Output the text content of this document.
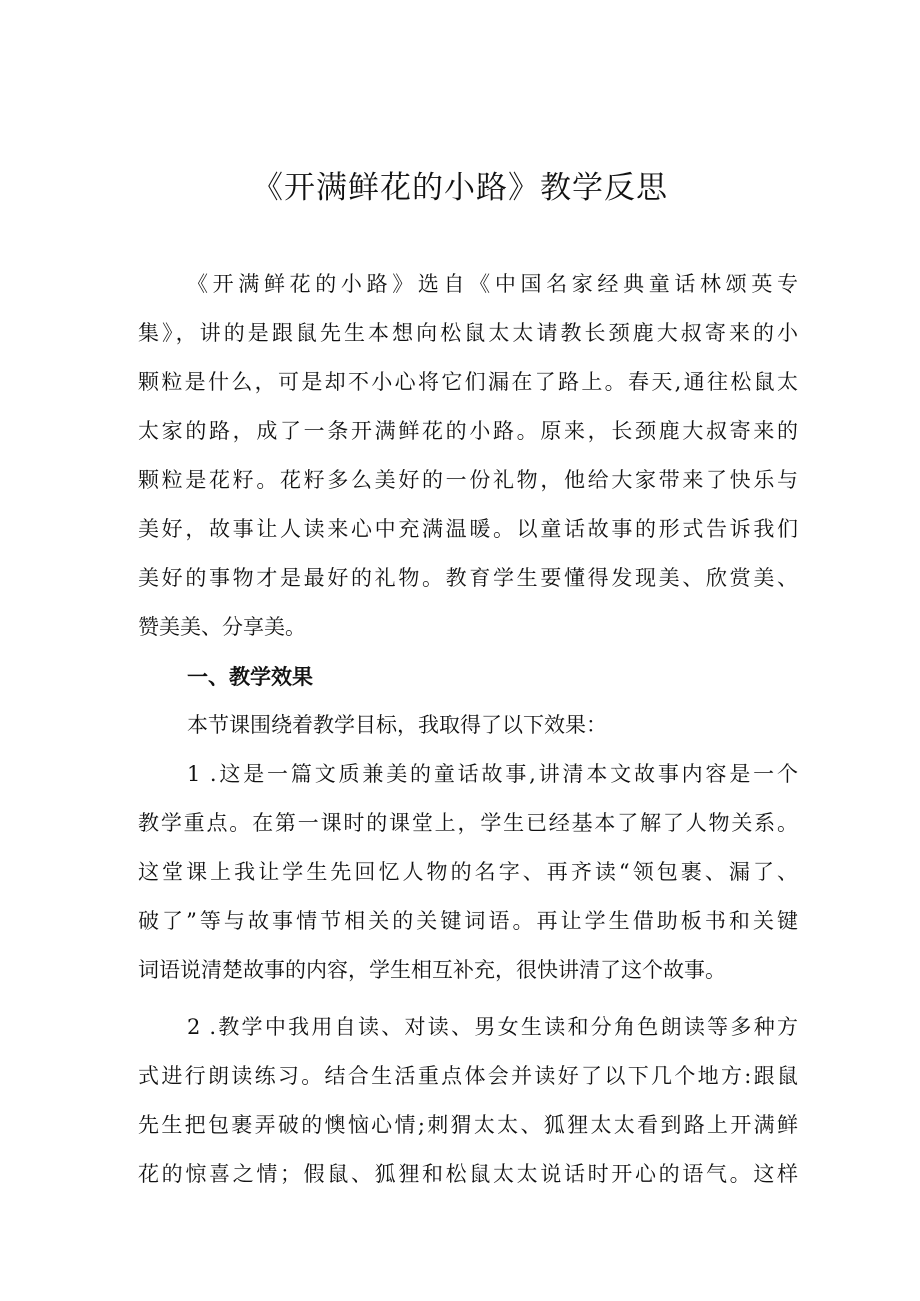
《开满鲜花的小路》教学反思
《开满鲜花的小路》选自《中国名家经典童话林颂英专
集》，讲的是跟鼠先生本想向松鼠太太请教长颈鹿大叔寄来的小
颗粒是什么，可是却不小心将它们漏在了路上。春天,通往松鼠太
太家的路，成了一条开满鲜花的小路。原来，长颈鹿大叔寄来的
颗粒是花籽。花籽多么美好的一份礼物，他给大家带来了快乐与
美好，故事让人读来心中充满温暖。以童话故事的形式告诉我们
美好的事物才是最好的礼物。教育学生要懂得发现美、欣赏美、
赞美美、分享美。
一、教学效果
本节课围绕着教学目标，我取得了以下效果：
1 .这是一篇文质兼美的童话故事,讲清本文故事内容是一个
教学重点。在第一课时的课堂上，学生已经基本了解了人物关系。
这堂课上我让学生先回忆人物的名字、再齐读“领包裹、漏了、
破了”等与故事情节相关的关键词语。再让学生借助板书和关键
词语说清楚故事的内容，学生相互补充，很快讲清了这个故事。
2 .教学中我用自读、对读、男女生读和分角色朗读等多种方
式进行朗读练习。结合生活重点体会并读好了以下几个地方:跟鼠
先生把包裹弄破的懊恼心情;刺猬太太、狐狸太太看到路上开满鲜
花的惊喜之情；假鼠、狐狸和松鼠太太说话时开心的语气。这样
